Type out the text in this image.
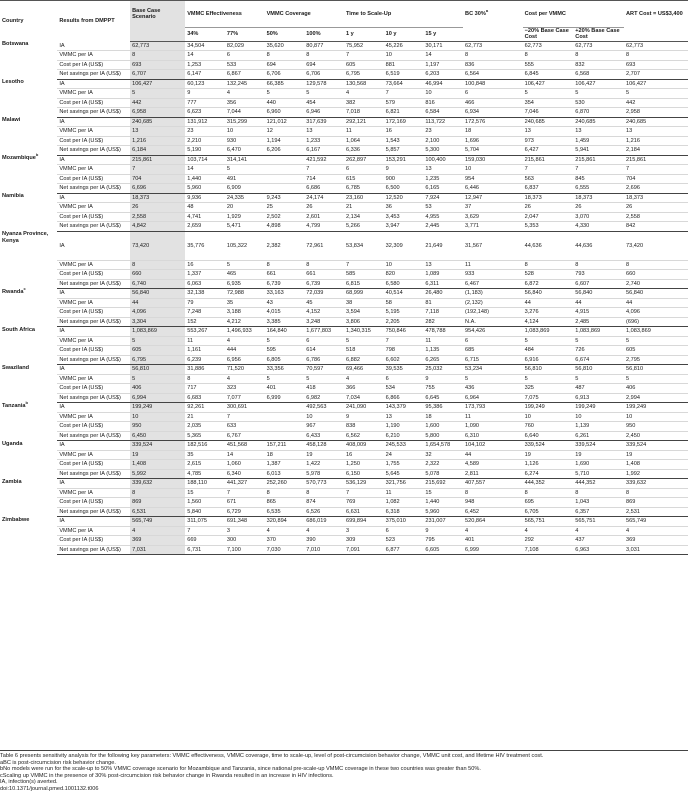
Country	Results from DMPPT	Base Case Scenario	VMMC Effectiveness		VMMC Coverage		Time to Scale-Up			BC 30%$^a$	Cost per VMMC		ART Cost = US$3,400
			34%	77%	50%	100%	1 y	10 y	15 y		−20% Base Case Cost	+20% Base Case Cost	
Botswana	IA	62,773	34,504	82,029	35,620	80,877	75,952	45,226	30,171	62,773	62,773	62,773	62,773
	VMMC per IA	8	14	6	8	8	7	10	14	8	8	8	8
	Cost per IA (US$)	693	1,253	533	694	694	605	881	1,197	836	555	832	693
	Net savings per IA (US$)	6,707	6,147	6,867	6,706	6,706	6,795	6,519	6,203	6,564	6,845	6,568	2,707
Lesotho	IA	106,427	60,123	132,245	66,385	129,578	130,568	73,664	46,994	100,848	106,427	106,427	106,427
	VMMC per IA	5	9	4	5	5	4	7	10	6	5	5	5
	Cost per IA (US$)	442	777	356	440	454	382	579	816	466	354	530	442
	Net savings per IA (US$)	6,958	6,623	7,044	6,960	6,946	7,018	6,821	6,584	6,934	7,046	6,870	2,958
Malawi	IA	240,685	131,912	315,299	121,012	317,639	292,121	172,169	113,722	172,576	240,685	240,685	240,685
	VMMC per IA	13	23	10	12	13	11	16	23	18	13	13	13
	Cost per IA (US$)	1,216	2,210	930	1,194	1,233	1,064	1,543	2,100	1,696	973	1,459	1,216
	Net savings per IA (US$)	6,184	5,190	6,470	6,206	6,167	6,336	5,857	5,300	5,704	6,427	5,941	2,184
Mozambique$^b$	IA	215,861	103,714	314,141		421,592	262,897	153,291	100,400	159,030	215,861	215,861	215,861
	VMMC per IA	7	14	5		7	6	9	13	10	7	7	7
	Cost per IA (US$)	704	1,440	491		714	615	900	1,235	954	563	845	704
	Net savings per IA (US$)	6,696	5,960	6,909		6,686	6,785	6,500	6,165	6,446	6,837	6,555	2,696
Namibia	IA	18,373	9,936	24,335	9,243	24,174	23,160	12,520	7,924	12,947	18,373	18,373	18,373
	VMMC per IA	26	48	20	25	26	21	36	53	37	26	26	26
	Cost per IA (US$)	2,558	4,741	1,929	2,502	2,601	2,134	3,453	4,955	3,629	2,047	3,070	2,558
	Net savings per IA (US$)	4,842	2,659	5,471	4,898	4,799	5,266	3,947	2,445	3,771	5,353	4,330	842
Nyanza Province, Kenya	IA	73,420	35,776	105,322	2,382	72,961	53,834	32,309	21,649	31,567	44,636	44,636	73,420
	VMMC per IA	8	16	5	8	8	7	10	13	11	8	8	8
	Cost per IA (US$)	660	1,337	465	661	661	585	820	1,089	933	528	793	660
	Net savings per IA (US$)	6,740	6,063	6,935	6,739	6,739	6,815	6,580	6,311	6,467	6,872	6,607	2,740
Rwanda$^c$	IA	56,840	32,138	72,988	33,163	72,039	68,999	40,514	26,480	(1,183)	56,840	56,840	56,840
	VMMC per IA	44	79	35	43	45	38	58	81	(2,132)	44	44	44
	Cost per IA (US$)	4,096	7,248	3,188	4,015	4,152	3,594	5,195	7,118	(192,148)	3,276	4,915	4,096
	Net savings per IA (US$)	3,304	152	4,212	3,385	3,248	3,806	2,205	282	N.A.	4,124	2,485	(696)
South Africa	IA	1,083,869	553,267	1,496,933	164,840	1,677,803	1,340,315	750,846	478,788	954,426	1,083,869	1,083,869	1,083,869
	VMMC per IA	5	11	4	5	6	5	7	11	6	5	5	5
	Cost per IA (US$)	605	1,161	444	595	614	518	798	1,135	685	484	726	605
	Net savings per IA (US$)	6,795	6,239	6,956	6,805	6,786	6,882	6,602	6,265	6,715	6,916	6,674	2,795
Swaziland	IA	56,810	31,886	71,520	33,356	70,597	69,466	39,535	25,032	53,234	56,810	56,810	56,810
	VMMC per IA	5	8	4	5	5	4	6	9	5	5	5	5
	Cost per IA (US$)	406	717	323	401	418	366	534	755	436	325	487	406
	Net savings per IA (US$)	6,994	6,683	7,077	6,999	6,982	7,034	6,866	6,645	6,964	7,075	6,913	2,994
Tanzania$^b$	IA	199,249	92,261	300,691		492,563	241,090	143,379	95,386	173,793	199,249	199,249	199,249
	VMMC per IA	10	21	7		10	9	13	18	11	10	10	10
	Cost per IA (US$)	950	2,035	633		967	838	1,190	1,600	1,090	760	1,139	950
	Net savings per IA (US$)	6,450	5,365	6,767		6,433	6,562	6,210	5,800	6,310	6,640	6,261	2,450
Uganda	IA	339,524	182,516	451,568	157,211	458,128	408,009	245,533	1,654,578	104,102	339,524	339,524	339,524
	VMMC per IA	19	35	14	18	19	16	24	32	44	19	19	19
	Cost per IA (US$)	1,408	2,615	1,060	1,387	1,422	1,250	1,755	2,322	4,589	1,126	1,690	1,408
	Net savings per IA (US$)	5,992	4,785	6,340	6,013	5,978	6,150	5,645	5,078	2,811	6,274	5,710	1,992
Zambia	IA	339,632	188,110	441,327	252,260	570,773	536,129	321,756	215,692	407,557	444,352	444,352	339,632
	VMMC per IA	8	15	7	8	8	7	11	15	8	8	8	8
	Cost per IA (US$)	869	1,560	671	865	874	769	1,082	1,440	948	695	1,043	869
	Net savings per IA (US$)	6,531	5,840	6,729	6,535	6,526	6,631	6,318	5,960	6,452	6,705	6,357	2,531
Zimbabwe	IA	565,749	311,075	691,348	320,894	686,019	699,894	375,010	231,007	520,864	565,751	565,751	565,749
	VMMC per IA	4	7	3	4	4	3	6	9	4	4	4	4
	Cost per IA (US$)	369	669	300	370	390	309	523	795	401	292	437	369
	Net savings per IA (US$)	7,031	6,731	7,100	7,030	7,010	7,091	6,877	6,605	6,999	7,108	6,963	3,031
Table 6 presents sensitivity analysis for the following key parameters: VMMC effectiveness, VMMC coverage, time to scale-up, level of post-circumcision behavior change, VMMC unit cost, and lifetime HIV treatment cost.
aBC is post-circumcision risk behavior change.
bNo models were run for the scale-up to 50% VMMC coverage scenario for Mozambique and Tanzania, since national pre-scale-up VMMC coverage in these two countries was greater than 50%.
cScaling up VMMC in the presence of 30% post-circumcision risk behavior change in Rwanda resulted in an increase in HIV infections.
IA, infection(s) averted.
doi:10.1371/journal.pmed.1001132.t006
